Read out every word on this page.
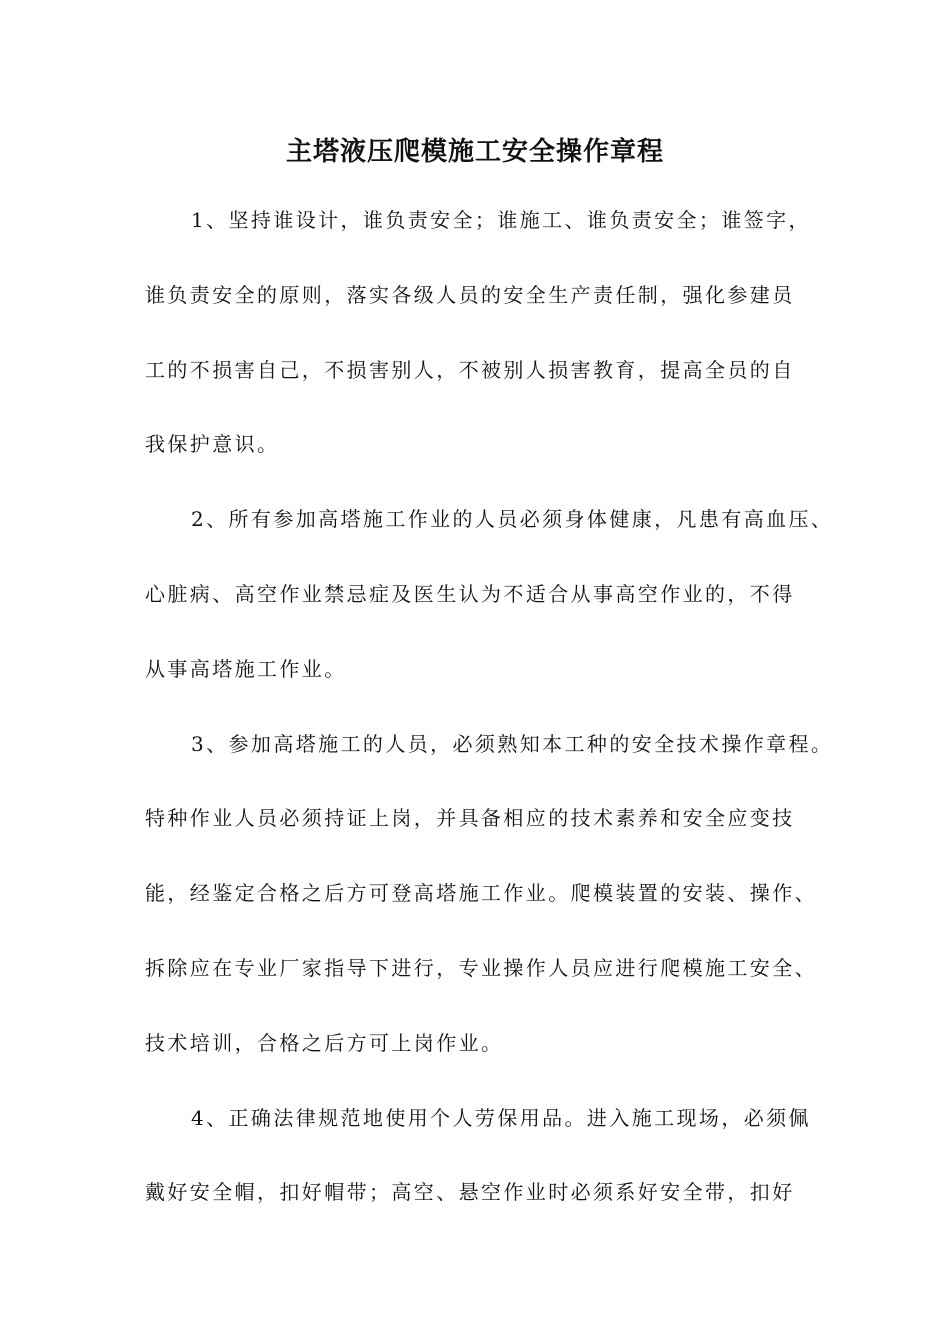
主塔液压爬模施工安全操作章程
1、坚持谁设计，谁负责安全；谁施工、谁负责安全；谁签字，
谁负责安全的原则，落实各级人员的安全生产责任制，强化参建员
工的不损害自己，不损害别人，不被别人损害教育，提高全员的自
我保护意识。
2、所有参加高塔施工作业的人员必须身体健康，凡患有高血压、
心脏病、高空作业禁忌症及医生认为不适合从事高空作业的，不得
从事高塔施工作业。
3、参加高塔施工的人员，必须熟知本工种的安全技术操作章程。
特种作业人员必须持证上岗，并具备相应的技术素养和安全应变技
能，经鉴定合格之后方可登高塔施工作业。爬模装置的安装、操作、
拆除应在专业厂家指导下进行，专业操作人员应进行爬模施工安全、
技术培训，合格之后方可上岗作业。
4、正确法律规范地使用个人劳保用品。进入施工现场，必须佩
戴好安全帽，扣好帽带；高空、悬空作业时必须系好安全带，扣好
